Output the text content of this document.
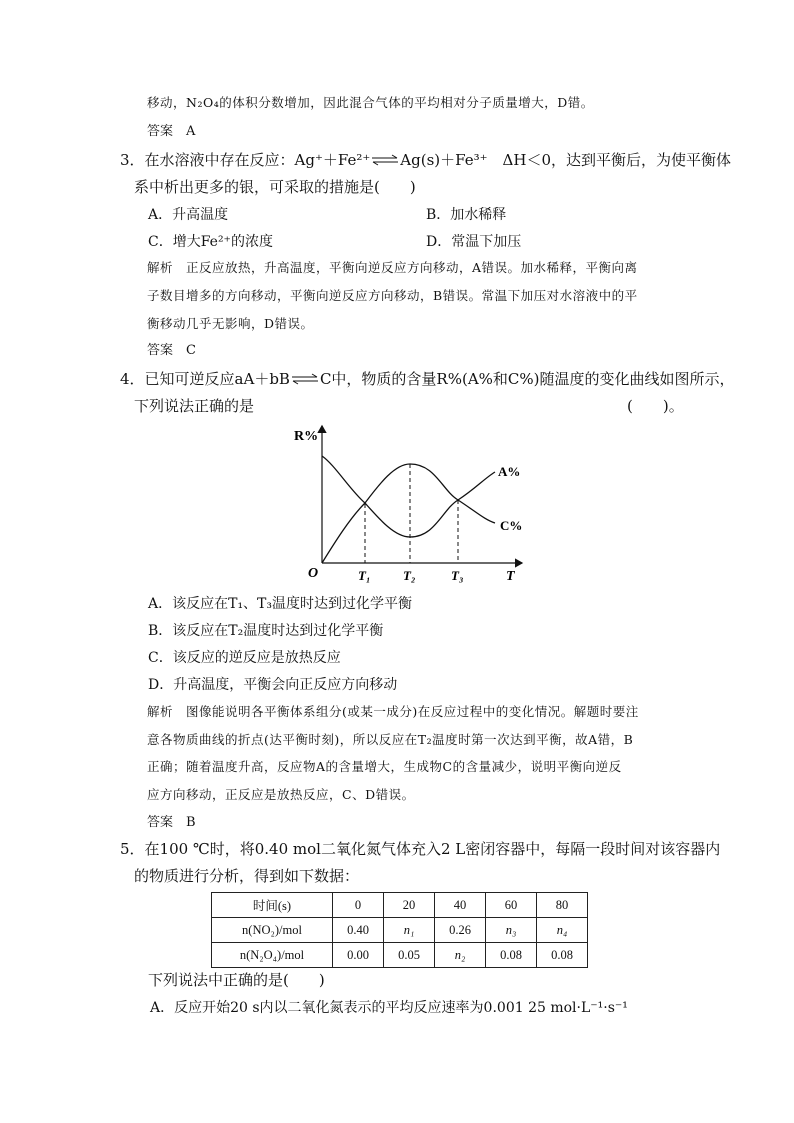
移动，N₂O₄的体积分数增加，因此混合气体的平均相对分子质量增大，D错。
答案　A
3．在水溶液中存在反应：Ag⁺＋Fe²⁺⇌Ag(s)＋Fe³⁺　ΔH＜0，达到平衡后，为使平衡体
系中析出更多的银，可采取的措施是(　　)
A．升高温度	B．加水稀释
C．增大Fe²⁺的浓度	D．常温下加压
解析　正反应放热，升高温度，平衡向逆反应方向移动，A错误。加水稀释，平衡向离
子数目增多的方向移动，平衡向逆反应方向移动，B错误。常温下加压对水溶液中的平
衡移动几乎无影响，D错误。
答案　C
4．已知可逆反应aA＋bB⇌C中，物质的含量R%(A%和C%)随温度的变化曲线如图所示，
下列说法正确的是	(　　)。
R%
O	T
T₁	T₂	T₃
A%
C%
A．该反应在T₁、T₃温度时达到过化学平衡
B．该反应在T₂温度时达到过化学平衡
C．该反应的逆反应是放热反应
D．升高温度，平衡会向正反应方向移动
解析　图像能说明各平衡体系组分(或某一成分)在反应过程中的变化情况。解题时要注
意各物质曲线的折点(达平衡时刻)，所以反应在T₂温度时第一次达到平衡，故A错，B
正确；随着温度升高，反应物A的含量增大，生成物C的含量减少，说明平衡向逆反
应方向移动，正反应是放热反应，C、D错误。
答案　B
5．在100 ℃时，将0.40 mol二氧化氮气体充入2 L密闭容器中，每隔一段时间对该容器内
的物质进行分析，得到如下数据：
时间(s)	0	20	40	60	80
n(NO₂)/mol	0.40	n₁	0.26	n₃	n₄
n(N₂O₄)/mol	0.00	0.05	n₂	0.08	0.08
下列说法中正确的是(　　)
A．反应开始20 s内以二氧化氮表示的平均反应速率为0.001 25 mol·L⁻¹·s⁻¹
